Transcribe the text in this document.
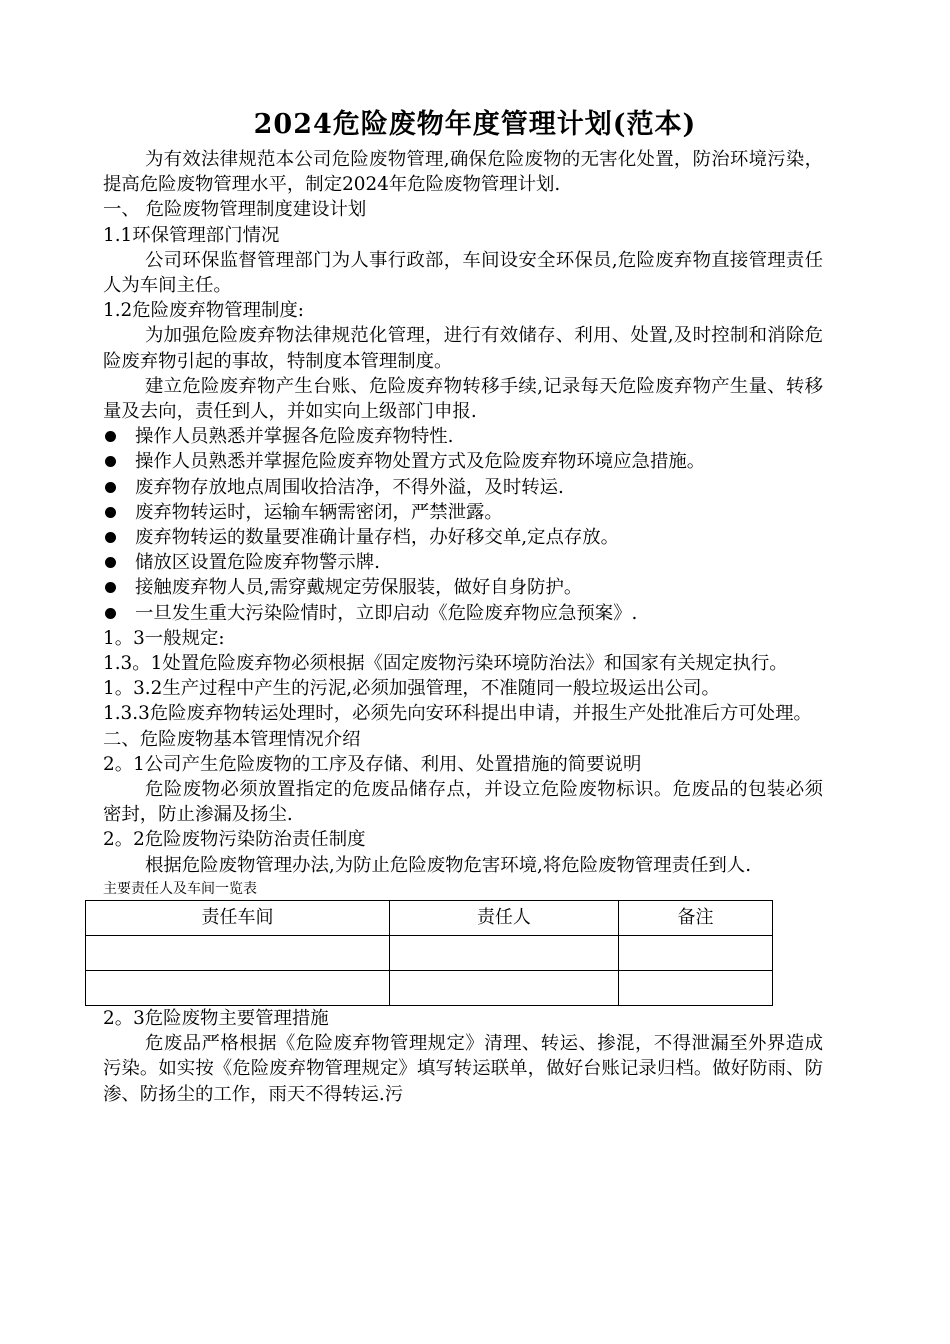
2024危险废物年度管理计划(范本)

为有效法律规范本公司危险废物管理,确保危险废物的无害化处置，防治环境污染，提高危险废物管理水平，制定2024年危险废物管理计划.

一、 危险废物管理制度建设计划

1.1环保管理部门情况

公司环保监督管理部门为人事行政部，车间设安全环保员,危险废弃物直接管理责任人为车间主任。

1.2危险废弃物管理制度:

为加强危险废弃物法律规范化管理，进行有效储存、利用、处置,及时控制和消除危险废弃物引起的事故，特制度本管理制度。

建立危险废弃物产生台账、危险废弃物转移手续,记录每天危险废弃物产生量、转移量及去向，责任到人，并如实向上级部门申报.

操作人员熟悉并掌握各危险废弃物特性.

操作人员熟悉并掌握危险废弃物处置方式及危险废弃物环境应急措施。

废弃物存放地点周围收拾洁净，不得外溢，及时转运.

废弃物转运时，运输车辆需密闭，严禁泄露。

废弃物转运的数量要准确计量存档，办好移交单,定点存放。

储放区设置危险废弃物警示牌.

接触废弃物人员,需穿戴规定劳保服装，做好自身防护。

一旦发生重大污染险情时，立即启动《危险废弃物应急预案》.

1。3一般规定:

1.3。1处置危险废弃物必须根据《固定废物污染环境防治法》和国家有关规定执行。

1。3.2生产过程中产生的污泥,必须加强管理，不准随同一般垃圾运出公司。

1.3.3危险废弃物转运处理时，必须先向安环科提出申请，并报生产处批准后方可处理。

二、危险废物基本管理情况介绍

2。1公司产生危险废物的工序及存储、利用、处置措施的简要说明

危险废物必须放置指定的危废品储存点，并设立危险废物标识。危废品的包装必须密封，防止渗漏及扬尘.

2。2危险废物污染防治责任制度

根据危险废物管理办法,为防止危险废物危害环境,将危险废物管理责任到人.

主要责任人及车间一览表

责任车间	责任人	备注

2。3危险废物主要管理措施

危废品严格根据《危险废弃物管理规定》清理、转运、掺混，不得泄漏至外界造成污染。如实按《危险废弃物管理规定》填写转运联单，做好台账记录归档。做好防雨、防渗、防扬尘的工作，雨天不得转运.污
